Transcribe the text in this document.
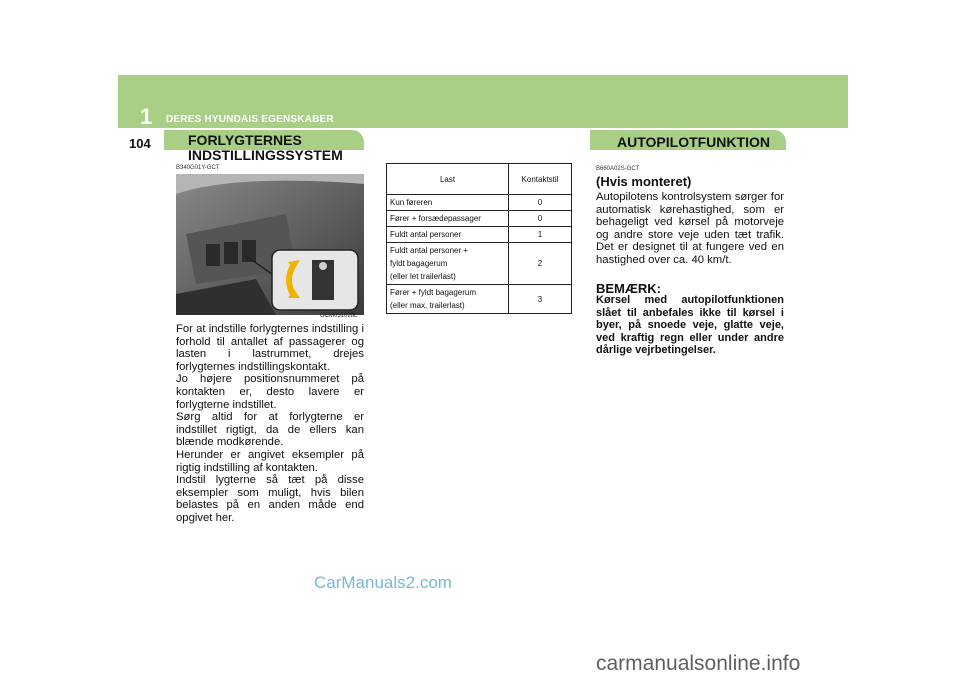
1 DERES HYUNDAIS EGENSKABER
104	FORLYGTERNES
INDSTILLINGSSYSTEM
AUTOPILOTFUNKTION
B340G01Y-GCT
OCM051028L

For at indstille forlygternes indstilling i forhold til antallet af passagerer og lasten i lastrummet, drejes forlygternes indstillingskontakt.

Jo højere positionsnummeret på kontakten er, desto lavere er forlygterne indstillet.

Sørg altid for at forlygterne er indstillet rigtigt, da de ellers kan blænde modkørende.

Herunder er angivet eksempler på rigtig indstilling af kontakten.

Indstil lygterne så tæt på disse eksempler som muligt, hvis bilen belastes på en anden måde end opgivet her.

Last	Kontaktstil
Kun føreren	0
Fører + forsædepassager	0
Fuldt antal personer	1

Fuldt antal personer +
fyldt bagagerum
(eller let trailerlast)	2

Fører + fyldt bagagerum
(eller max. trailerlast)	3
B660A02S-GCT
(Hvis monteret)
Autopilotens kontrolsystem sørger for automatisk kørehastighed, som er behageligt ved kørsel på motorveje og andre store veje uden tæt trafik. Det er designet til at fungere ved en hastighed over ca. 40 km/t.
BEMÆRK:
Kørsel med autopilotfunktionen slået til anbefales ikke til kørsel i byer, på snoede veje, glatte veje, ved kraftig regn eller under andre dårlige vejrbetingelser.
CarManuals2.com
carmanualsonline.info
